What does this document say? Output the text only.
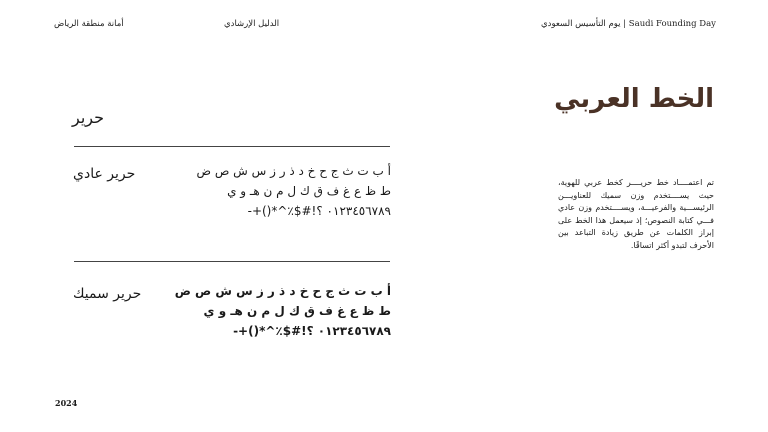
يوم التأسيس السعودي | Saudi Founding Day
الدليل الإرشادي
أمانة منطقة الرياض
الخط العربي
تم اعتمــــاد خط حريــــر كخط عربي للهوية، حيث يســــتخدم وزن سميك للعناويـــن الرئيســـية والفرعيـــة، ويســــتخدم وزن عادي فـــي كتابة النصوص؛ إذ سيعمل هذا الخط على إبراز الكلمات عن طريق زيادة التباعد بين الأحرف لتبدو أكثر اتساقًا.
حرير
حرير عادي	أ ب ت ث ج ح خ د ذ ر ز س ش ص ض
ط ظ ع غ ف ق ك ل م ن هـ و ي
٠١٢٣٤٥٦٧٨٩ ؟!#$٪^*()+-
حرير سميك	أ ب ت ث ج ح خ د ذ ر ز س ش ص ض
ط ظ ع غ ف ق ك ل م ن هـ و ي
٠١٢٣٤٥٦٧٨٩ ؟!#$٪^*()+-
2024
